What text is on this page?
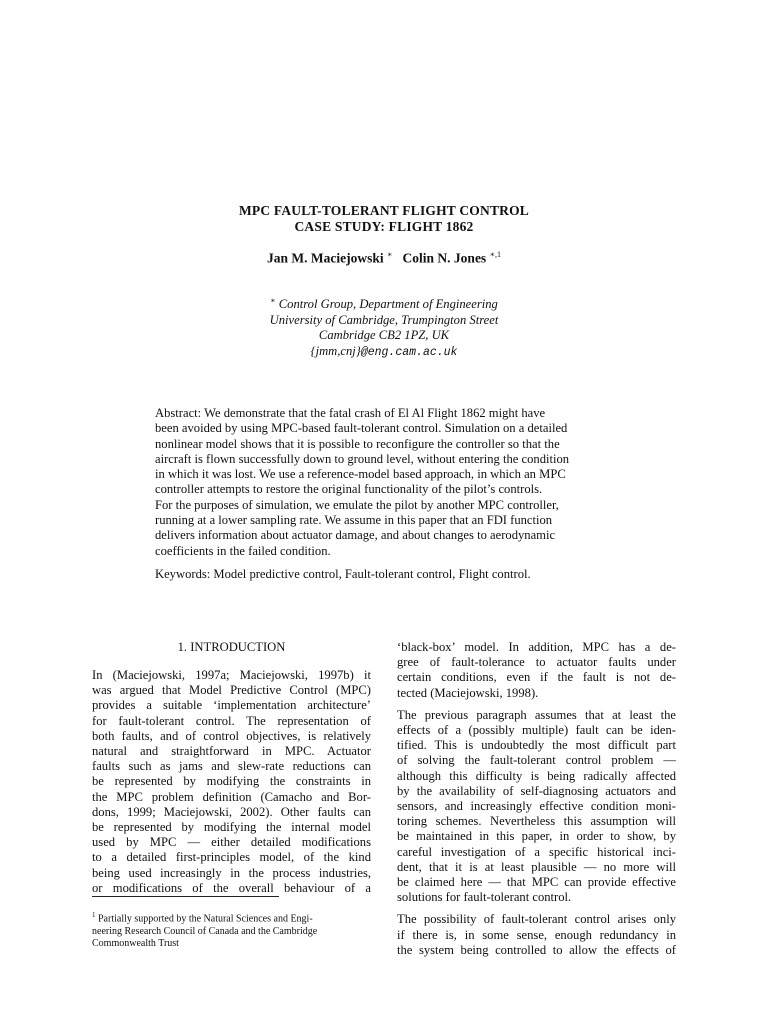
MPC FAULT-TOLERANT FLIGHT CONTROL
CASE STUDY: FLIGHT 1862
Jan M. Maciejowski ∗ Colin N. Jones $^{∗,1}$
∗ Control Group, Department of Engineering
University of Cambridge, Trumpington Street
Cambridge CB2 1PZ, UK
{jmm,cnj}@eng.cam.ac.uk
Abstract: We demonstrate that the fatal crash of El Al Flight 1862 might have
been avoided by using MPC-based fault-tolerant control. Simulation on a detailed
nonlinear model shows that it is possible to reconfigure the controller so that the
aircraft is flown successfully down to ground level, without entering the condition
in which it was lost. We use a reference-model based approach, in which an MPC
controller attempts to restore the original functionality of the pilot’s controls.
For the purposes of simulation, we emulate the pilot by another MPC controller,
running at a lower sampling rate. We assume in this paper that an FDI function
delivers information about actuator damage, and about changes to aerodynamic
coefficients in the failed condition.
Keywords: Model predictive control, Fault-tolerant control, Flight control.
1. INTRODUCTION
In (Maciejowski, 1997a; Maciejowski, 1997b) it
was argued that Model Predictive Control (MPC)
provides a suitable ‘implementation architecture’
for fault-tolerant control. The representation of
both faults, and of control objectives, is relatively
natural and straightforward in MPC. Actuator
faults such as jams and slew-rate reductions can
be represented by modifying the constraints in
the MPC problem definition (Camacho and Bor-
dons, 1999; Maciejowski, 2002). Other faults can
be represented by modifying the internal model
used by MPC — either detailed modifications
to a detailed first-principles model, of the kind
being used increasingly in the process industries,
or modifications of the overall behaviour of a
$^1$ Partially supported by the Natural Sciences and Engi-
neering Research Council of Canada and the Cambridge
Commonwealth Trust
‘black-box’ model. In addition, MPC has a de-
gree of fault-tolerance to actuator faults under
certain conditions, even if the fault is not de-
tected (Maciejowski, 1998).
The previous paragraph assumes that at least the
effects of a (possibly multiple) fault can be iden-
tified. This is undoubtedly the most difficult part
of solving the fault-tolerant control problem —
although this difficulty is being radically affected
by the availability of self-diagnosing actuators and
sensors, and increasingly effective condition moni-
toring schemes. Nevertheless this assumption will
be maintained in this paper, in order to show, by
careful investigation of a specific historical inci-
dent, that it is at least plausible — no more will
be claimed here — that MPC can provide effective
solutions for fault-tolerant control.
The possibility of fault-tolerant control arises only
if there is, in some sense, enough redundancy in
the system being controlled to allow the effects of
